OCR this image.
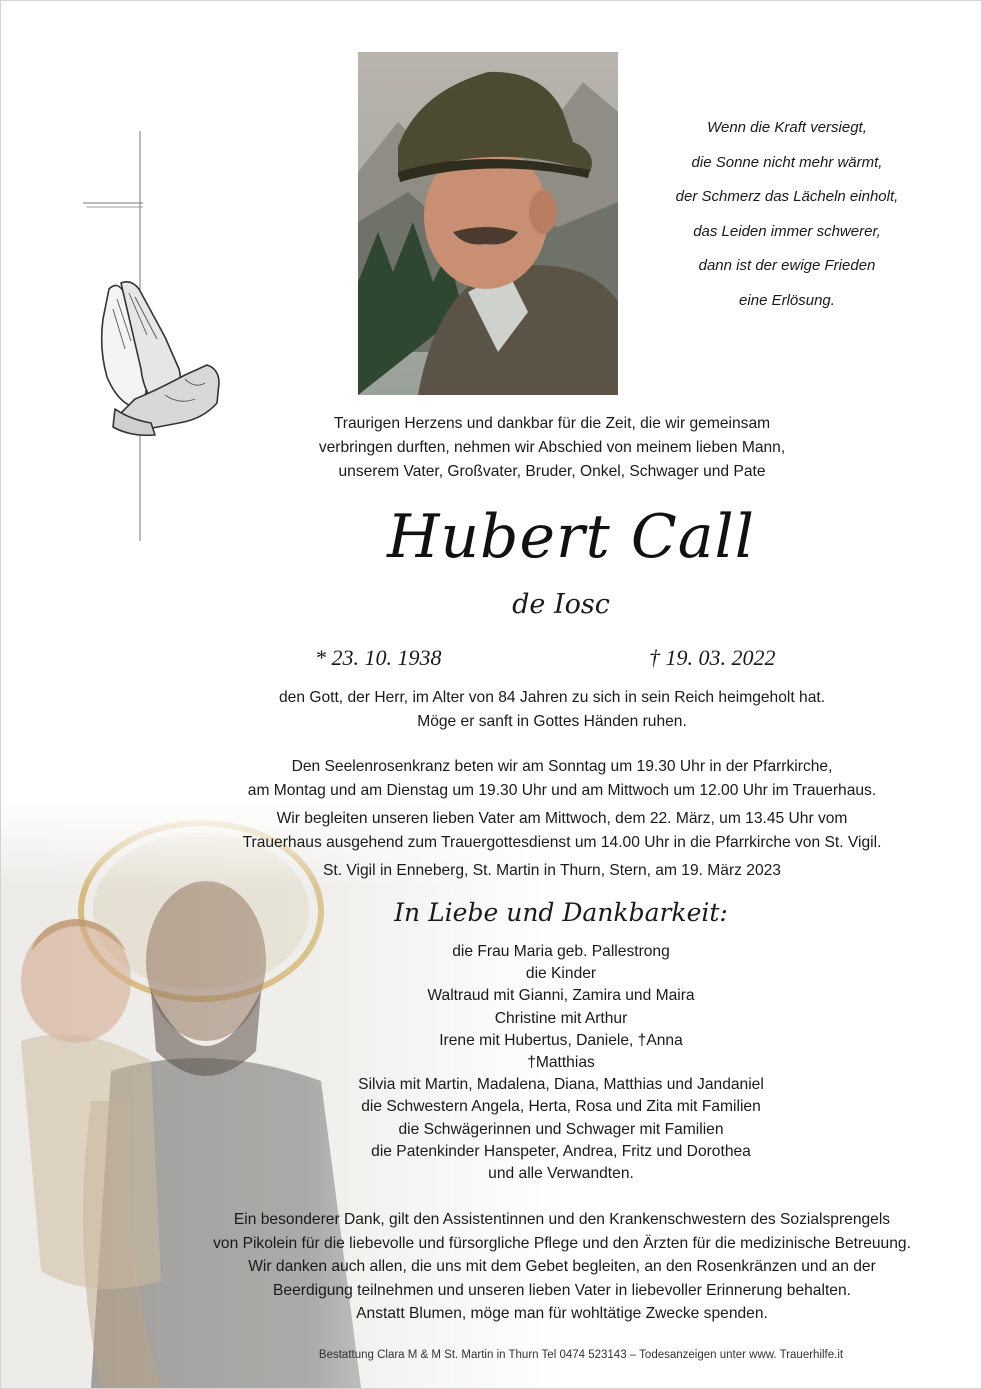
Wenn die Kraft versiegt,
die Sonne nicht mehr wärmt,
der Schmerz das Lächeln einholt,
das Leiden immer schwerer,
dann ist der ewige Frieden
eine Erlösung.
Traurigen Herzens und dankbar für die Zeit, die wir gemeinsam
verbringen durften, nehmen wir Abschied von meinem lieben Mann,
unserem Vater, Großvater, Bruder, Onkel, Schwager und Pate
Hubert Call
de Iosc
* 23. 10. 1938	† 19. 03. 2022
den Gott, der Herr, im Alter von 84 Jahren zu sich in sein Reich heimgeholt hat.
Möge er sanft in Gottes Händen ruhen.
Den Seelenrosenkranz beten wir am Sonntag um 19.30 Uhr in der Pfarrkirche,
am Montag und am Dienstag um 19.30 Uhr und am Mittwoch um 12.00 Uhr im Trauerhaus.
Wir begleiten unseren lieben Vater am Mittwoch, dem 22. März, um 13.45 Uhr vom
Trauerhaus ausgehend zum Trauergottesdienst um 14.00 Uhr in die Pfarrkirche von St. Vigil.
St. Vigil in Enneberg, St. Martin in Thurn, Stern, am 19. März 2023
In Liebe und Dankbarkeit:
die Frau Maria geb. Pallestrong
die Kinder
Waltraud mit Gianni, Zamira und Maira
Christine mit Arthur
Irene mit Hubertus, Daniele, †Anna
†Matthias
Silvia mit Martin, Madalena, Diana, Matthias und Jandaniel
die Schwestern Angela, Herta, Rosa und Zita mit Familien
die Schwägerinnen und Schwager mit Familien
die Patenkinder Hanspeter, Andrea, Fritz und Dorothea
und alle Verwandten.
Ein besonderer Dank, gilt den Assistentinnen und den Krankenschwestern des Sozialsprengels
von Pikolein für die liebevolle und fürsorgliche Pflege und den Ärzten für die medizinische Betreuung.
Wir danken auch allen, die uns mit dem Gebet begleiten, an den Rosenkränzen und an der
Beerdigung teilnehmen und unseren lieben Vater in liebevoller Erinnerung behalten.
Anstatt Blumen, möge man für wohltätige Zwecke spenden.
Bestattung Clara M & M St. Martin in Thurn Tel 0474 523143 – Todesanzeigen unter www. Trauerhilfe.it
